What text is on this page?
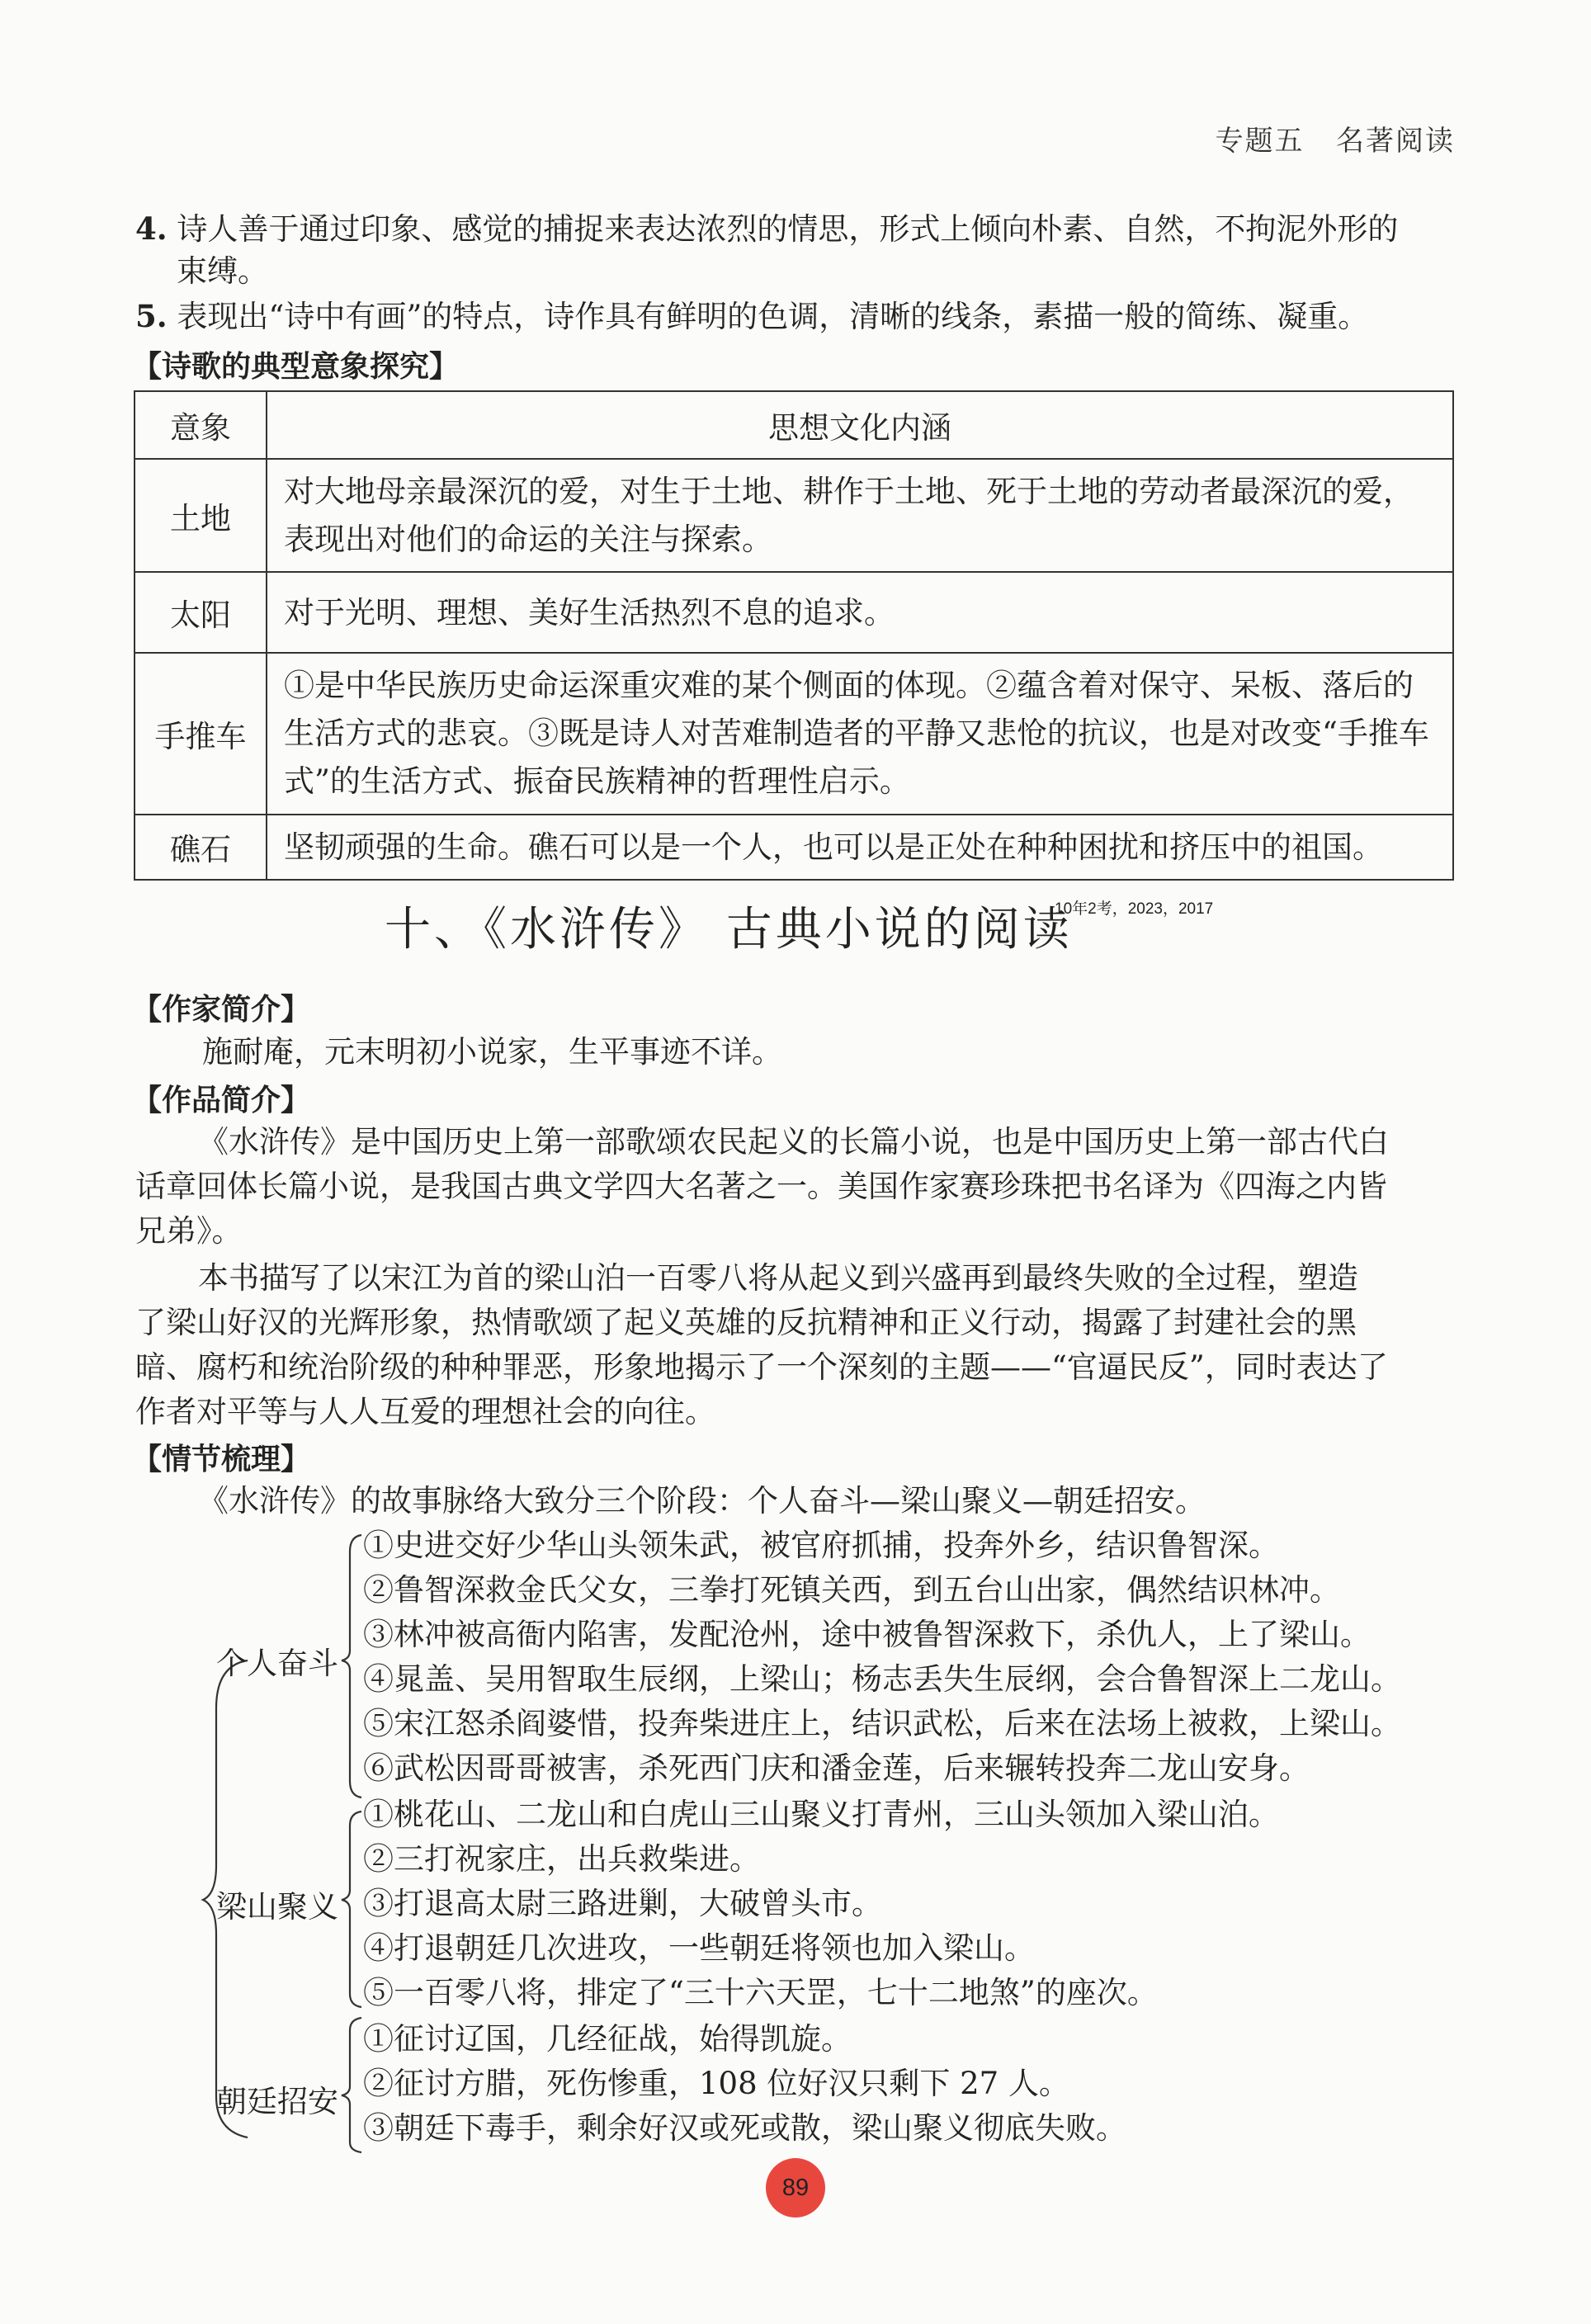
专题五 名著阅读
4. 诗人善于通过印象、感觉的捕捉来表达浓烈的情思，形式上倾向朴素、自然，不拘泥外形的
束缚。
5. 表现出“诗中有画”的特点，诗作具有鲜明的色调，清晰的线条，素描一般的简练、凝重。
【诗歌的典型意象探究】
意象	思想文化内涵
土地	对大地母亲最深沉的爱，对生于土地、耕作于土地、死于土地的劳动者最深沉的爱，表现出对他们的命运的关注与探索。
太阳	对于光明、理想、美好生活热烈不息的追求。
手推车	①是中华民族历史命运深重灾难的某个侧面的体现。②蕴含着对保守、呆板、落后的生活方式的悲哀。③既是诗人对苦难制造者的平静又悲怆的抗议，也是对改变“手推车式”的生活方式、振奋民族精神的哲理性启示。
礁石	坚韧顽强的生命。礁石可以是一个人，也可以是正处在种种困扰和挤压中的祖国。
十、《水浒传》 古典小说的阅读
10年2考，2023，2017
【作家简介】
施耐庵，元末明初小说家，生平事迹不详。
【作品简介】
《水浒传》是中国历史上第一部歌颂农民起义的长篇小说，也是中国历史上第一部古代白
话章回体长篇小说，是我国古典文学四大名著之一。美国作家赛珍珠把书名译为《四海之内皆
兄弟》。
本书描写了以宋江为首的梁山泊一百零八将从起义到兴盛再到最终失败的全过程，塑造
了梁山好汉的光辉形象，热情歌颂了起义英雄的反抗精神和正义行动，揭露了封建社会的黑
暗、腐朽和统治阶级的种种罪恶，形象地揭示了一个深刻的主题——“官逼民反”，同时表达了
作者对平等与人人互爱的理想社会的向往。
【情节梳理】
《水浒传》的故事脉络大致分三个阶段：个人奋斗—梁山聚义—朝廷招安。
个人奋斗
梁山聚义
朝廷招安
①史进交好少华山头领朱武，被官府抓捕，投奔外乡，结识鲁智深。
②鲁智深救金氏父女，三拳打死镇关西，到五台山出家，偶然结识林冲。
③林冲被高衙内陷害，发配沧州，途中被鲁智深救下，杀仇人，上了梁山。
④晁盖、吴用智取生辰纲，上梁山；杨志丢失生辰纲，会合鲁智深上二龙山。
⑤宋江怒杀阎婆惜，投奔柴进庄上，结识武松，后来在法场上被救，上梁山。
⑥武松因哥哥被害，杀死西门庆和潘金莲，后来辗转投奔二龙山安身。
①桃花山、二龙山和白虎山三山聚义打青州，三山头领加入梁山泊。
②三打祝家庄，出兵救柴进。
③打退高太尉三路进剿，大破曾头市。
④打退朝廷几次进攻，一些朝廷将领也加入梁山。
⑤一百零八将，排定了“三十六天罡，七十二地煞”的座次。
①征讨辽国，几经征战，始得凯旋。
②征讨方腊，死伤惨重，108 位好汉只剩下 27 人。
③朝廷下毒手，剩余好汉或死或散，梁山聚义彻底失败。
89
